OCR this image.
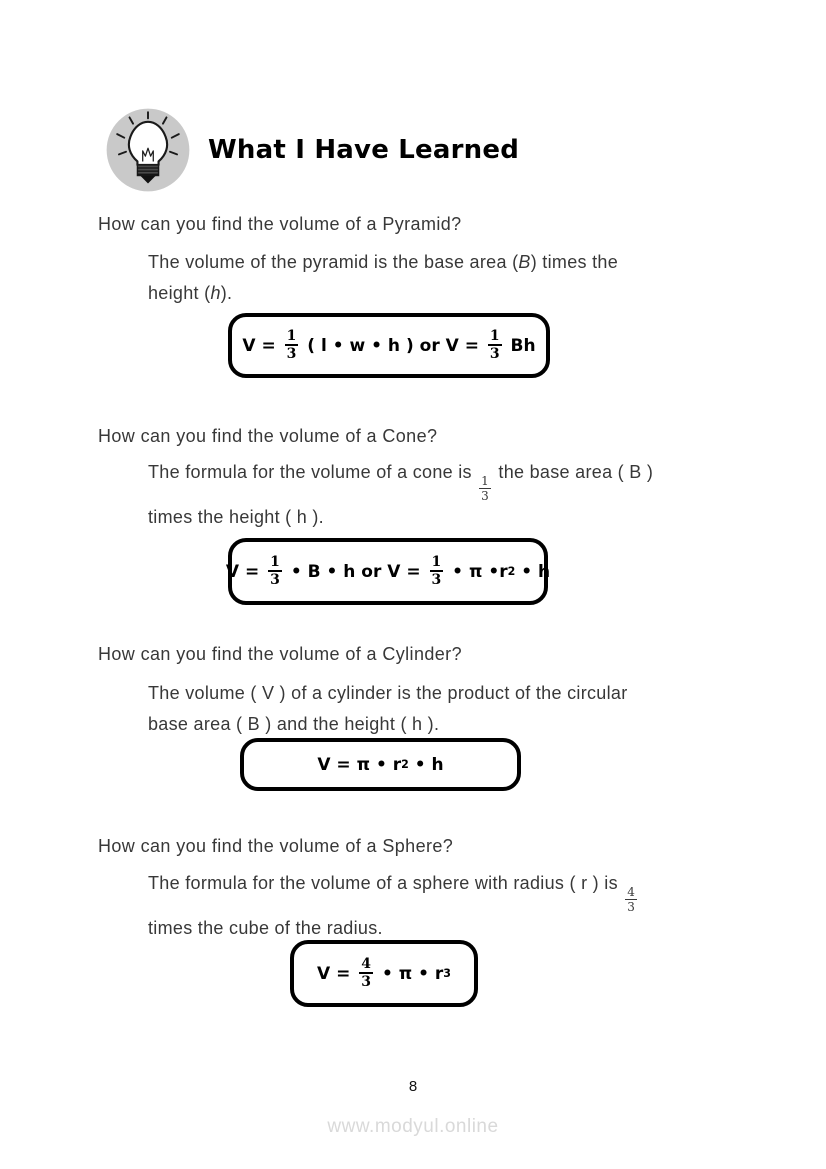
What I Have Learned
How can you find the volume of a Pyramid?
The volume of the pyramid is the base area (B) times the
height (h).
$V = \frac{1}{3}$ ( l • w • h ) or $V = \frac{1}{3}$ Bh
How can you find the volume of a Cone?
The formula for the volume of a cone is
$\frac{1}{3}$
the base area ( B )
times the height ( h ).
$V = \frac{1}{3}$ • B • h or $V = \frac{1}{3}$ • π •r 2 • h
How can you find the volume of a Cylinder?
The volume ( V ) of a cylinder is the product of the circular
base area ( B ) and the height ( h ).
V = π • r 2 • h
How can you find the volume of a Sphere?
The formula for the volume of a sphere with radius ( r ) is
$\frac{4}{3}$

times the cube of the radius.
$V = \frac{4}{3}$ • π • r 3
8
www.modyul.online
